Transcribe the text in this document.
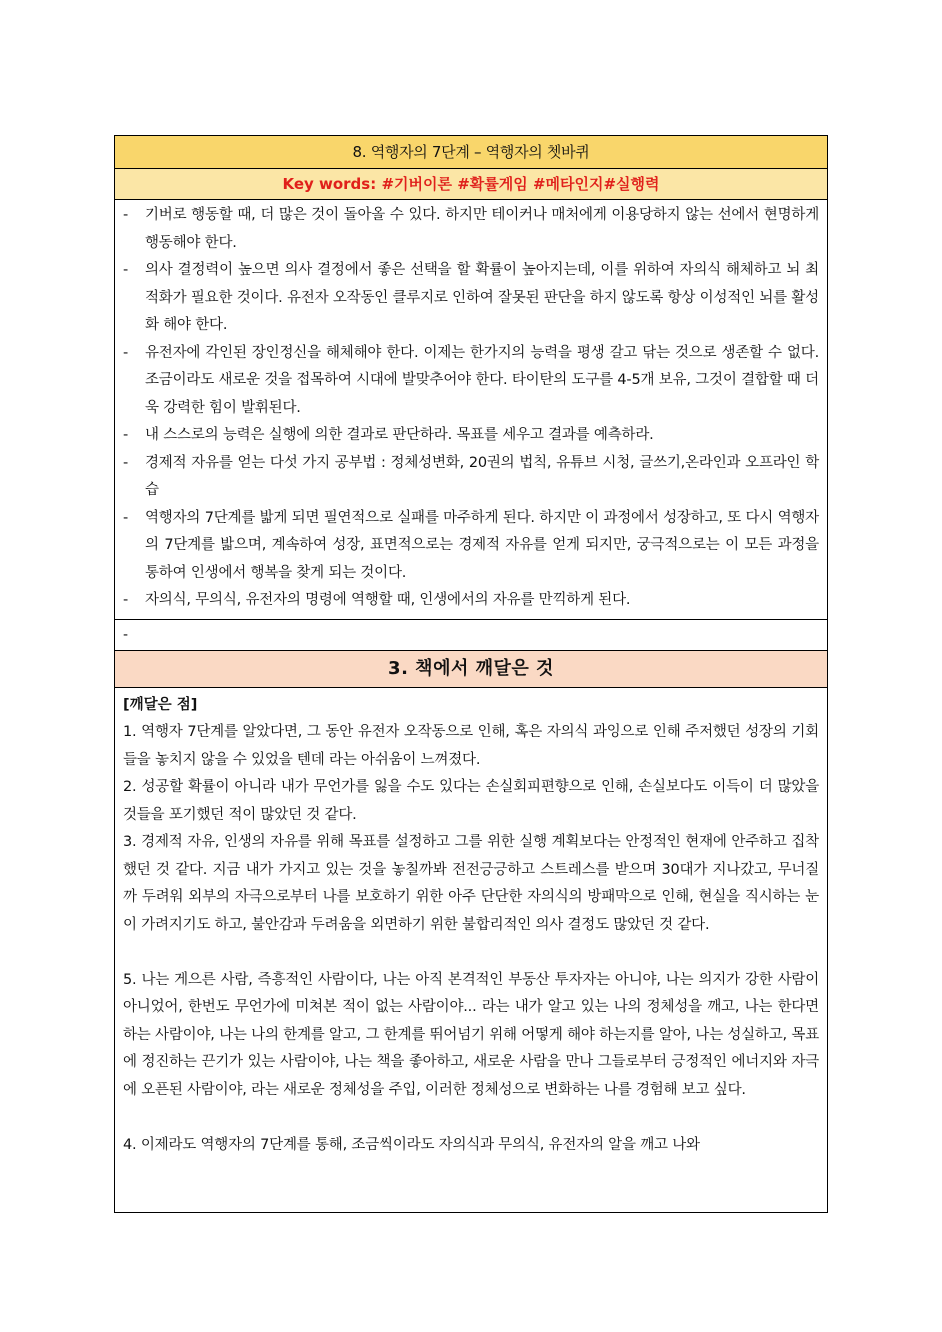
8. 역행자의 7단계 – 역행자의 쳇바퀴
Key words: #기버이론 #확률게임 #메타인지#실행력

- 기버로 행동할 때, 더 많은 것이 돌아올 수 있다. 하지만 테이커나 매처에게 이용당하지 않는 선에서 현명하게 행동해야 한다.
- 의사 결정력이 높으면 의사 결정에서 좋은 선택을 할 확률이 높아지는데, 이를 위하여 자의식 해체하고 뇌 최적화가 필요한 것이다. 유전자 오작동인 클루지로 인하여 잘못된 판단을 하지 않도록 항상 이성적인 뇌를 활성화 해야 한다.
- 유전자에 각인된 장인정신을 해체해야 한다. 이제는 한가지의 능력을 평생 갈고 닦는 것으로 생존할 수 없다. 조금이라도 새로운 것을 접목하여 시대에 발맞추어야 한다. 타이탄의 도구를 4-5개 보유, 그것이 결합할 때 더욱 강력한 힘이 발휘된다.
- 내 스스로의 능력은 실행에 의한 결과로 판단하라. 목표를 세우고 결과를 예측하라.
- 경제적 자유를 얻는 다섯 가지 공부법 : 정체성변화, 20권의 법칙, 유튜브 시청, 글쓰기,온라인과 오프라인 학습
- 역행자의 7단계를 밟게 되면 필연적으로 실패를 마주하게 된다. 하지만 이 과정에서 성장하고, 또 다시 역행자의 7단계를 밟으며, 계속하여 성장, 표면적으로는 경제적 자유를 얻게 되지만, 궁극적으로는 이 모든 과정을 통하여 인생에서 행복을 찾게 되는 것이다.
- 자의식, 무의식, 유전자의 명령에 역행할 때, 인생에서의 자유를 만끽하게 된다.

-
3. 책에서 깨달은 것

[깨달은 점]

1. 역행자 7단계를 알았다면, 그 동안 유전자 오작동으로 인해, 혹은 자의식 과잉으로 인해 주저했던 성장의 기회들을 놓치지 않을 수 있었을 텐데 라는 아쉬움이 느껴졌다.

2. 성공할 확률이 아니라 내가 무언가를 잃을 수도 있다는 손실회피편향으로 인해, 손실보다도 이득이 더 많았을 것들을 포기했던 적이 많았던 것 같다.

3. 경제적 자유, 인생의 자유를 위해 목표를 설정하고 그를 위한 실행 계획보다는 안정적인 현재에 안주하고 집착했던 것 같다. 지금 내가 가지고 있는 것을 놓칠까봐 전전긍긍하고 스트레스를 받으며 30대가 지나갔고, 무너질까 두려워 외부의 자극으로부터 나를 보호하기 위한 아주 단단한 자의식의 방패막으로 인해, 현실을 직시하는 눈이 가려지기도 하고, 불안감과 두려움을 외면하기 위한 불합리적인 의사 결정도 많았던 것 같다.

5. 나는 게으른 사람, 즉흥적인 사람이다, 나는 아직 본격적인 부동산 투자자는 아니야, 나는 의지가 강한 사람이 아니었어, 한번도 무언가에 미쳐본 적이 없는 사람이야... 라는 내가 알고 있는 나의 정체성을 깨고, 나는 한다면 하는 사람이야, 나는 나의 한계를 알고, 그 한계를 뛰어넘기 위해 어떻게 해야 하는지를 알아, 나는 성실하고, 목표에 정진하는 끈기가 있는 사람이야, 나는 책을 좋아하고, 새로운 사람을 만나 그들로부터 긍정적인 에너지와 자극에 오픈된 사람이야, 라는 새로운 정체성을 주입, 이러한 정체성으로 변화하는 나를 경험해 보고 싶다.

4. 이제라도 역행자의 7단계를 통해, 조금씩이라도 자의식과 무의식, 유전자의 알을 깨고 나와
